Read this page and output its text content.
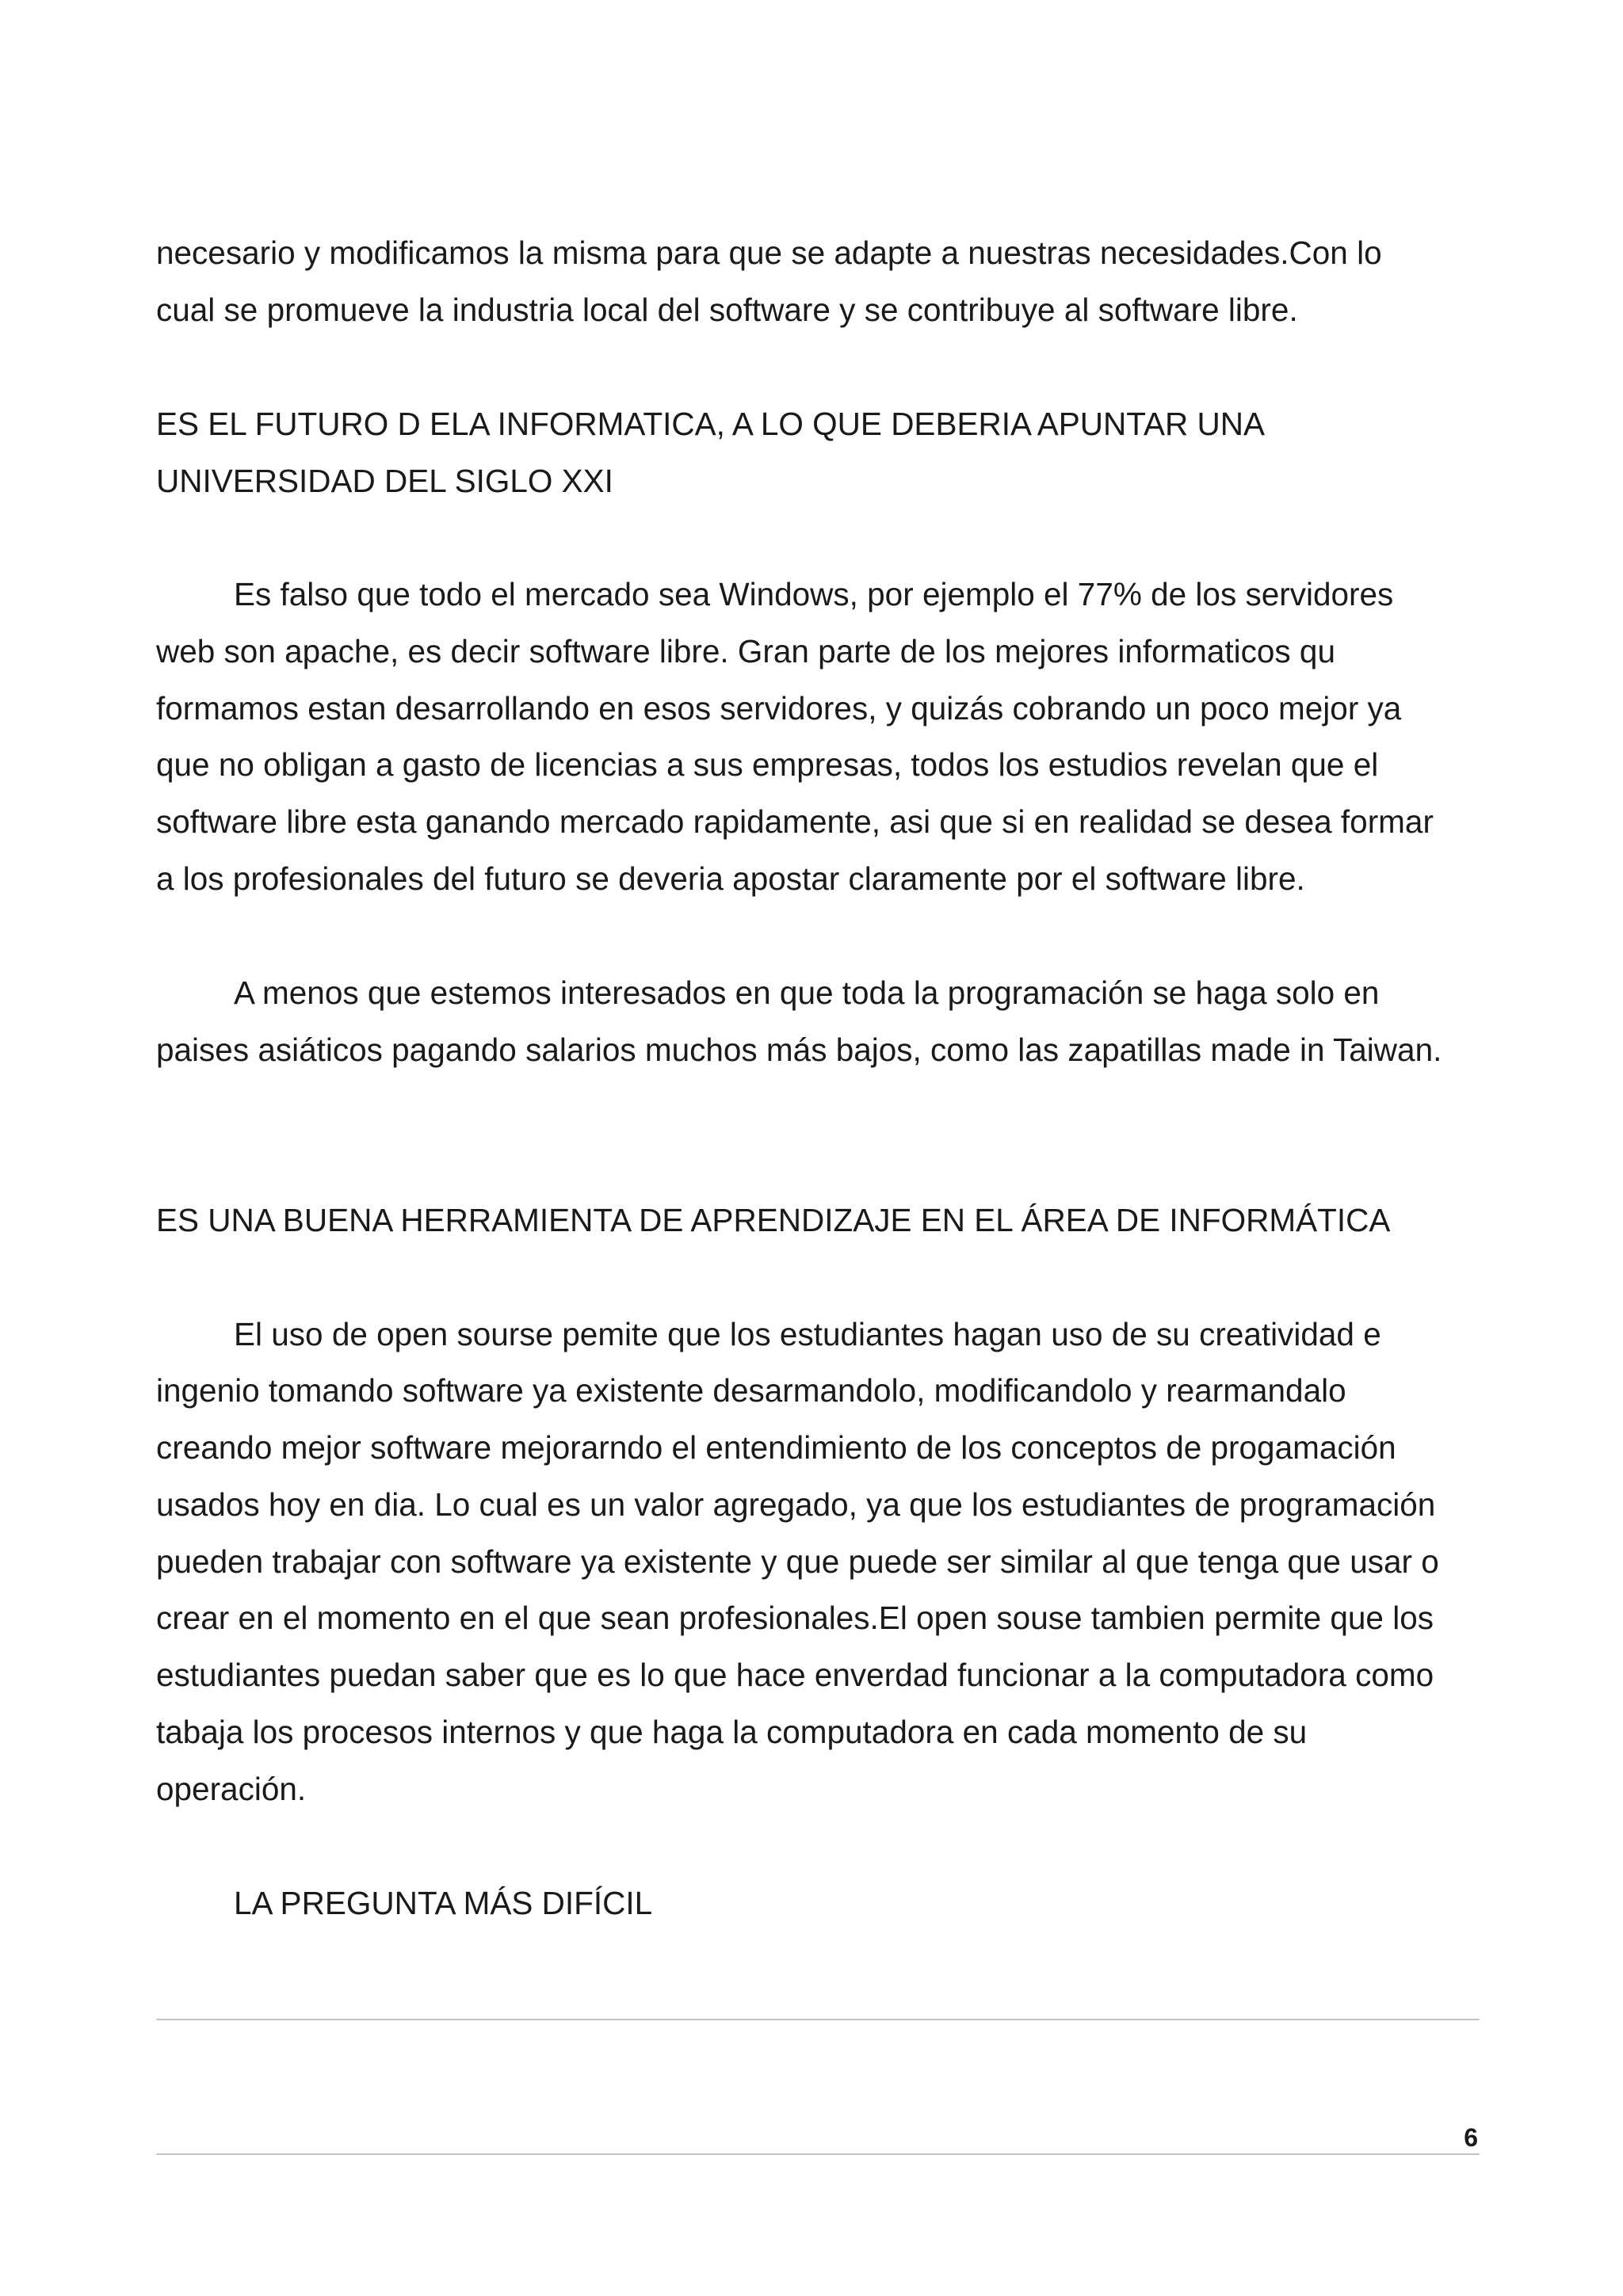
necesario y modificamos la misma para que se adapte a nuestras necesidades.Con lo
cual se promueve la industria local del software y se contribuye al software libre.
ES EL FUTURO D ELA INFORMATICA, A LO QUE DEBERIA APUNTAR UNA
UNIVERSIDAD DEL SIGLO XXI
Es falso que todo el mercado sea Windows, por ejemplo el 77% de los servidores
web son apache, es decir software libre. Gran parte de los mejores informaticos qu
formamos estan desarrollando en esos servidores, y quizás cobrando un poco mejor ya
que no obligan a gasto de licencias a sus empresas, todos los estudios revelan que el
software libre esta ganando mercado rapidamente, asi que si en realidad se desea formar
a los profesionales del futuro se deveria apostar claramente por el software libre.
A menos que estemos interesados en que toda la programación se haga solo en
paises asiáticos pagando salarios muchos más bajos, como las zapatillas made in Taiwan.
ES UNA BUENA HERRAMIENTA DE APRENDIZAJE EN EL ÁREA DE INFORMÁTICA
El uso de open sourse pemite que los estudiantes hagan uso de su creatividad e
ingenio tomando software ya existente desarmandolo, modificandolo y rearmandalo
creando mejor software mejorarndo el entendimiento de los conceptos de progamación
usados hoy en dia. Lo cual es un valor agregado, ya que los estudiantes de programación
pueden trabajar con software ya existente y que puede ser similar al que tenga que usar o
crear en el momento en el que sean profesionales.El open souse tambien permite que los
estudiantes puedan saber que es lo que hace enverdad funcionar a la computadora como
tabaja los procesos internos y que haga la computadora en cada momento de su
operación.
LA PREGUNTA MÁS DIFÍCIL
6
